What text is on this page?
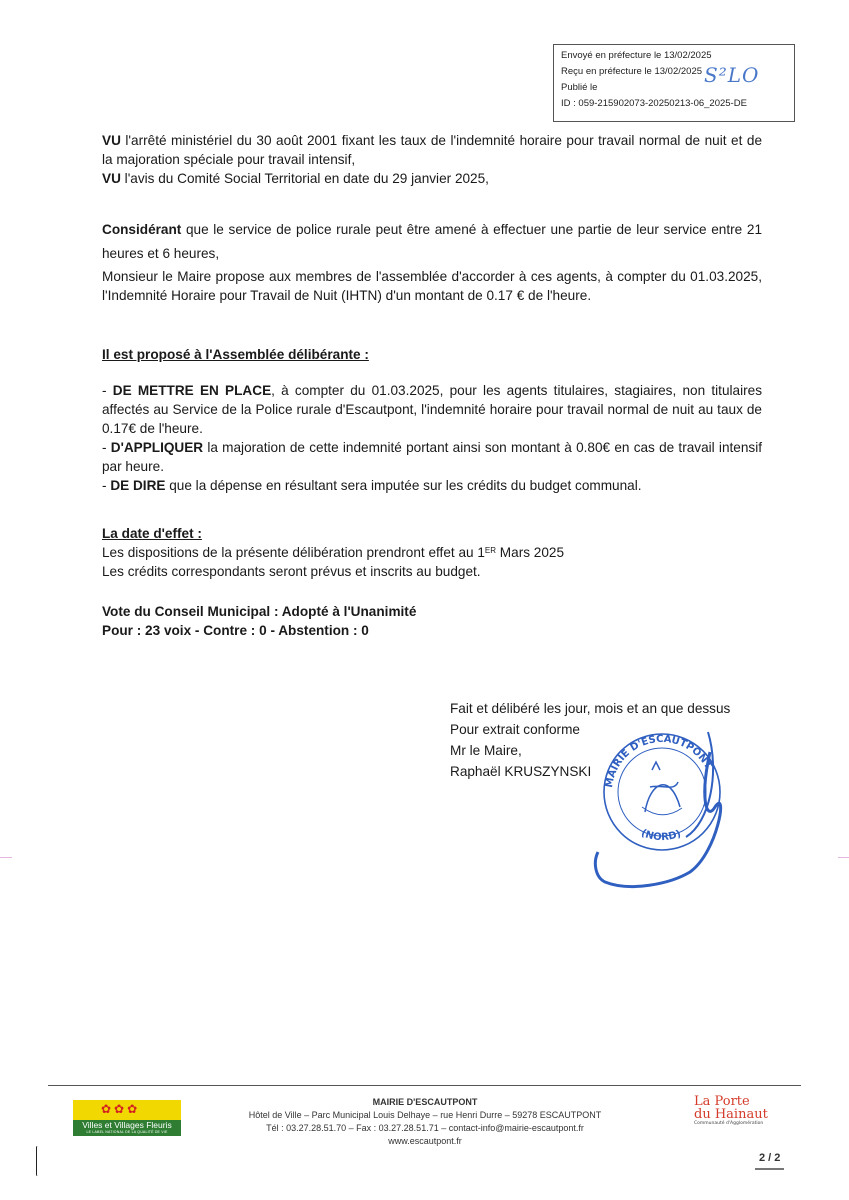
Envoyé en préfecture le 13/02/2025
Reçu en préfecture le 13/02/2025
Publié le
ID : 059-215902073-20250213-06_2025-DE
S²LO

VU l'arrêté ministériel du 30 août 2001 fixant les taux de l'indemnité horaire pour travail normal de nuit et de la majoration spéciale pour travail intensif,

VU l'avis du Comité Social Territorial en date du 29 janvier 2025,

Considérant que le service de police rurale peut être amené à effectuer une partie de leur service entre 21 heures et 6 heures,

Monsieur le Maire propose aux membres de l'assemblée d'accorder à ces agents, à compter du 01.03.2025, l'Indemnité Horaire pour Travail de Nuit (IHTN) d'un montant de 0.17 € de l'heure.

Il est proposé à l'Assemblée délibérante :

- DE METTRE EN PLACE, à compter du 01.03.2025, pour les agents titulaires, stagiaires, non titulaires affectés au Service de la Police rurale d'Escautpont, l'indemnité horaire pour travail normal de nuit au taux de 0.17€ de l'heure.

- D'APPLIQUER la majoration de cette indemnité portant ainsi son montant à 0.80€ en cas de travail intensif par heure.

- DE DIRE que la dépense en résultant sera imputée sur les crédits du budget communal.

La date d'effet :

Les dispositions de la présente délibération prendront effet au 1ER Mars 2025

Les crédits correspondants seront prévus et inscrits au budget.

Vote du Conseil Municipal : Adopté à l'Unanimité

Pour : 23 voix - Contre : 0 - Abstention : 0

Fait et délibéré les jour, mois et an que dessus
Pour extrait conforme
Mr le Maire,
Raphaël KRUSZYNSKI
MAIRIE D'ESCAUTPONT
(NORD)
✿✿✿
Villes et Villages Fleuris
LE LABEL NATIONAL DE LA QUALITÉ DE VIE
MAIRIE D'ESCAUTPONT
Hôtel de Ville – Parc Municipal Louis Delhaye – rue Henri Durre – 59278 ESCAUTPONT
Tél : 03.27.28.51.70 – Fax : 03.27.28.51.71 – contact-info@mairie-escautpont.fr
www.escautpont.fr
La Porte
du Hainaut
Communauté d'Agglomération
2 / 2
